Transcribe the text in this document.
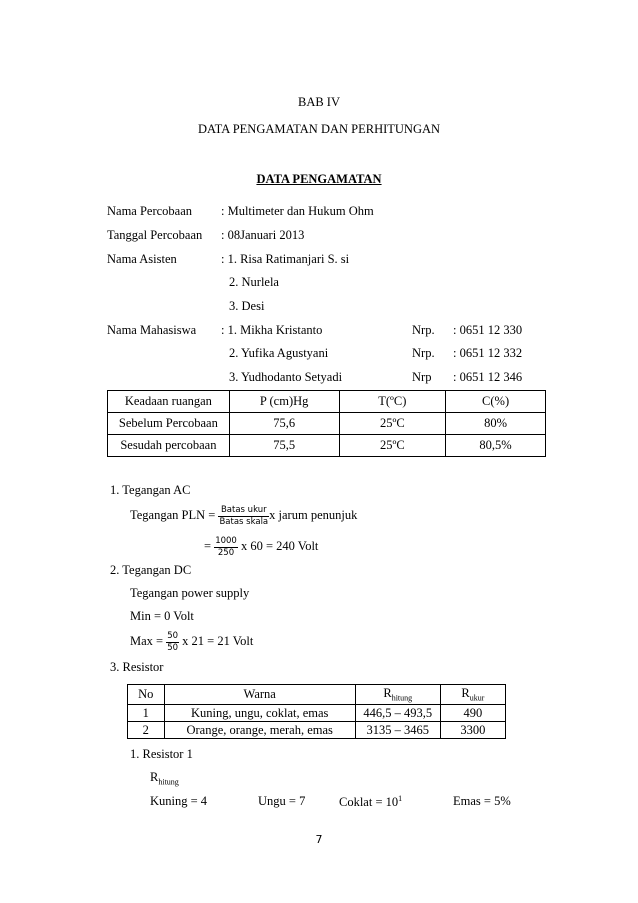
BAB IV
DATA PENGAMATAN DAN PERHITUNGAN
DATA PENGAMATAN
Nama Percobaan : Multimeter dan Hukum Ohm
Tanggal Percobaan : 08Januari 2013
Nama Asisten	: 1. Risa Ratimanjari S. si
2. Nurlela
3. Desi
Nama Mahasiswa : 1. Mikha Kristanto	Nrp. : 0651 12 330
2. Yufika Agustyani	Nrp. : 0651 12 332
3. Yudhodanto Setyadi	Nrp : 0651 12 346
Keadaan ruangan	P (cm)Hg	T(ºC)	C(%)
Sebelum Percobaan	75,6	25ºC	80%
Sesudah percobaan	75,5	25ºC	80,5%
1. Tegangan AC
Tegangan PLN = $\frac{\text{Batas ukur}}{\text{Batas skala}}$ x jarum penunjuk
= $\frac{1000}{250}$ x 60 = 240 Volt
2. Tegangan DC
Tegangan power supply
Min = 0 Volt
Max = $\frac{50}{50}$ x 21 = 21 Volt
3. Resistor
No	Warna	$R_{hitung}$	$R_{ukur}$
1	Kuning, ungu, coklat, emas	446,5 – 493,5	490
2	Orange, orange, merah, emas	3135 – 3465	3300
1. Resistor 1
$R_{hitung}$
Kuning = 4	Ungu = 7	Coklat = $10^1$	Emas = 5%
7
